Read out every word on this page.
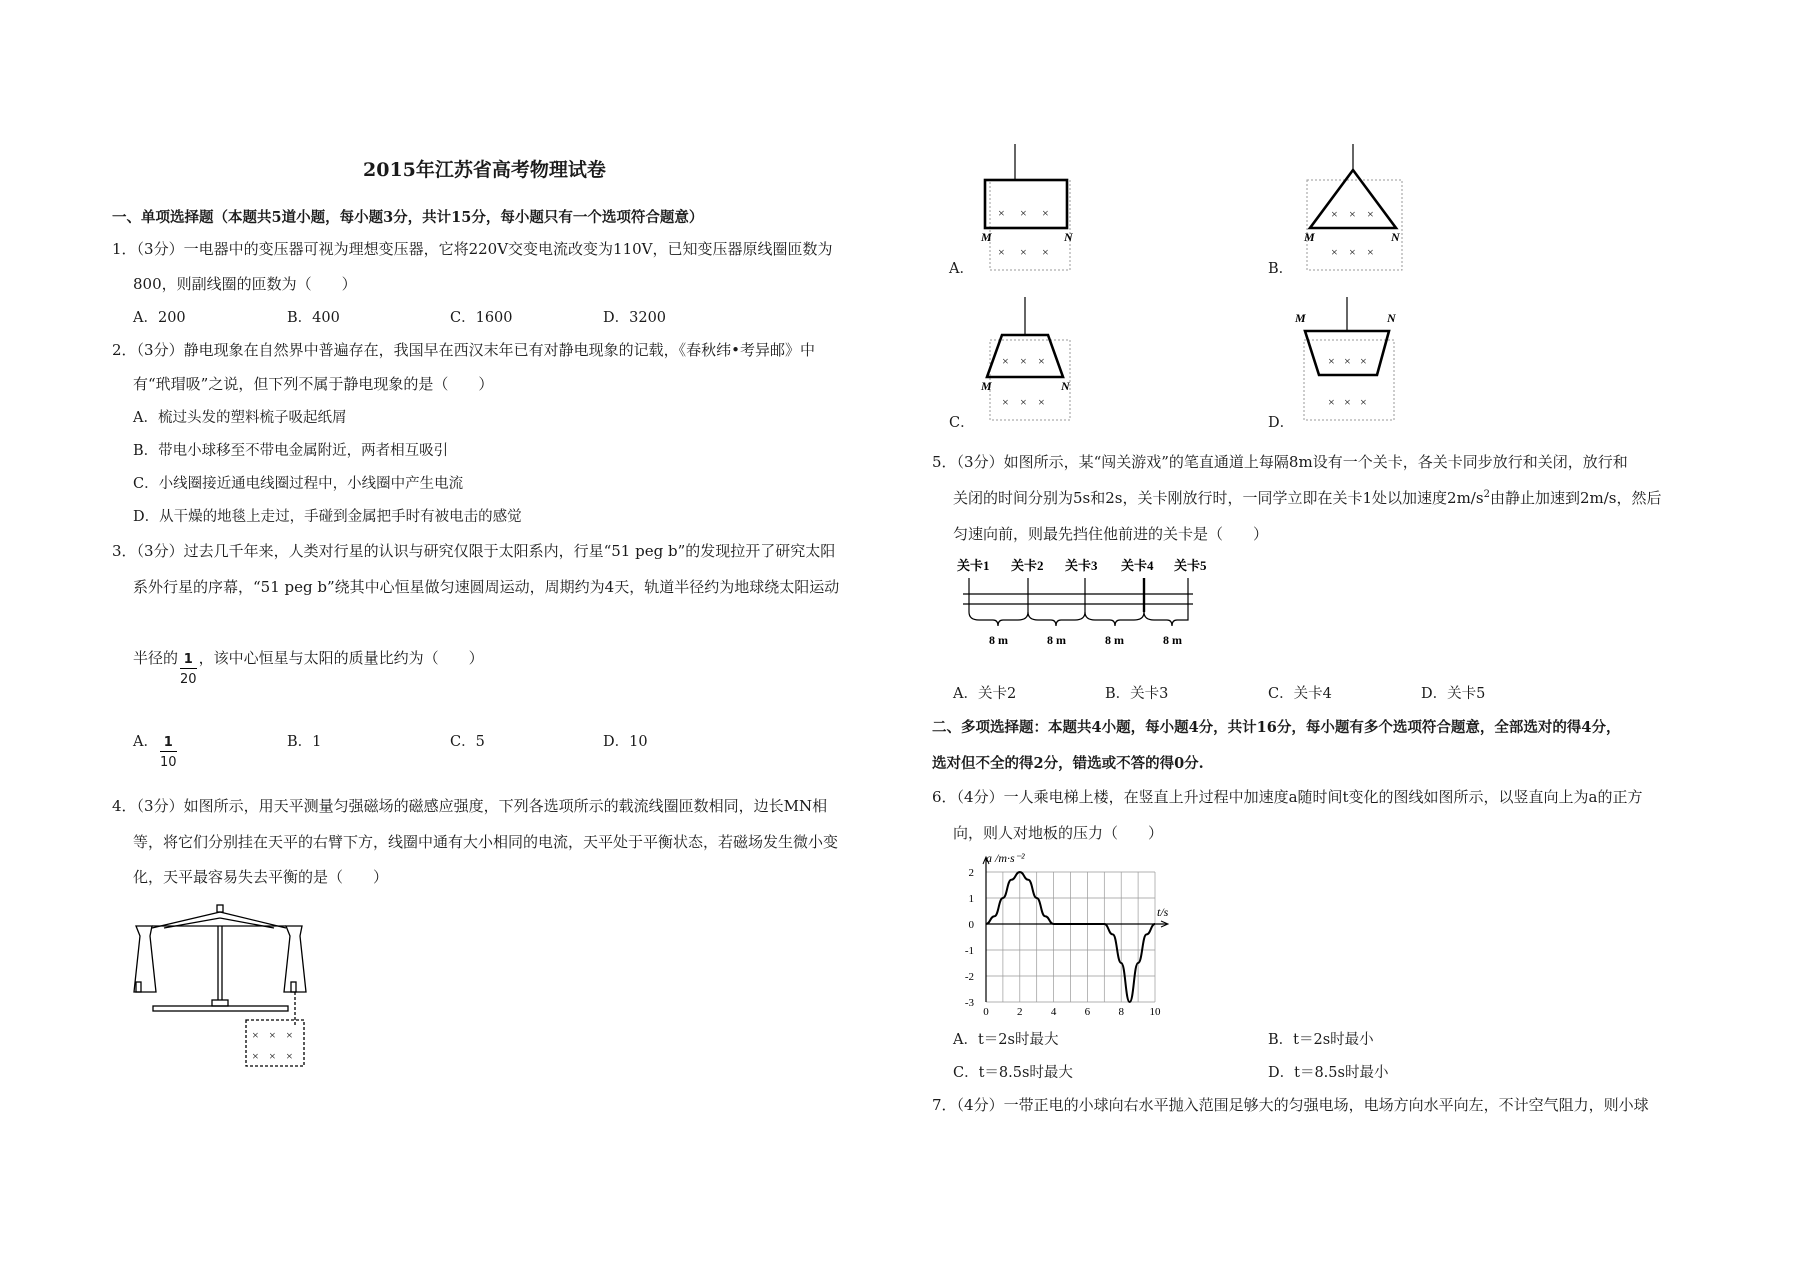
2015年江苏省高考物理试卷
一、单项选择题（本题共5道小题，每小题3分，共计15分，每小题只有一个选项符合题意）
1．（3分）一电器中的变压器可视为理想变压器，它将220V交变电流改变为110V，已知变压器原线圈匝数为
800，则副线圈的匝数为（　　）
A．200	B．400	C．1600	D．3200
2．（3分）静电现象在自然界中普遍存在，我国早在西汉末年已有对静电现象的记载，《春秋纬•考异邮》中
有“玳瑁吸”之说，但下列不属于静电现象的是（　　）
A．梳过头发的塑料梳子吸起纸屑
B．带电小球移至不带电金属附近，两者相互吸引
C．小线圈接近通电线圈过程中，小线圈中产生电流
D．从干燥的地毯上走过，手碰到金属把手时有被电击的感觉
3．（3分）过去几千年来，人类对行星的认识与研究仅限于太阳系内，行星“51 peg b”的发现拉开了研究太阳
系外行星的序幕，“51 peg b”绕其中心恒星做匀速圆周运动，周期约为4天，轨道半径约为地球绕太阳运动
半径的 $\frac{1}{20}$ ，该中心恒星与太阳的质量比约为（　　）
A． $\frac{1}{10}$	B．1	C．5	D．10
4．（3分）如图所示，用天平测量匀强磁场的磁感应强度，下列各选项所示的载流线圈匝数相同，边长MN相
等，将它们分别挂在天平的右臂下方，线圈中通有大小相同的电流，天平处于平衡状态，若磁场发生微小变
化，天平最容易失去平衡的是（　　）
× × ×
× × ×
A．
× × ×
× × ×
M	N
B．
× × ×
× × ×
M	N
C．
× × ×
× × ×
M	N
D．
× × ×
× × ×
M	N
5．（3分）如图所示，某“闯关游戏”的笔直通道上每隔8m设有一个关卡，各关卡同步放行和关闭，放行和
关闭的时间分别为5s和2s，关卡刚放行时，一同学立即在关卡1处以加速度$2m/s^2$由静止加速到2m/s，然后
匀速向前，则最先挡住他前进的关卡是（　　）
关卡1 关卡2 关卡3 关卡4 关卡5
8 m	8 m	8 m	8 m
A．关卡2	B．关卡3	C．关卡4	D．关卡5
二、多项选择题：本题共4小题，每小题4分，共计16分，每小题有多个选项符合题意，全部选对的得4分，
选对但不全的得2分，错选或不答的得0分.
6．（4分）一人乘电梯上楼，在竖直上升过程中加速度a随时间t变化的图线如图所示，以竖直向上为a的正方
向，则人对地板的压力（　　）
2
1
0
-1
-2
-3
0	2	4	6	8 10
a /m·s⁻²
t/s
A．t＝2s时最大	B．t＝2s时最小
C．t＝8.5s时最大	D．t＝8.5s时最小
7．（4分）一带正电的小球向右水平抛入范围足够大的匀强电场，电场方向水平向左，不计空气阻力，则小球
